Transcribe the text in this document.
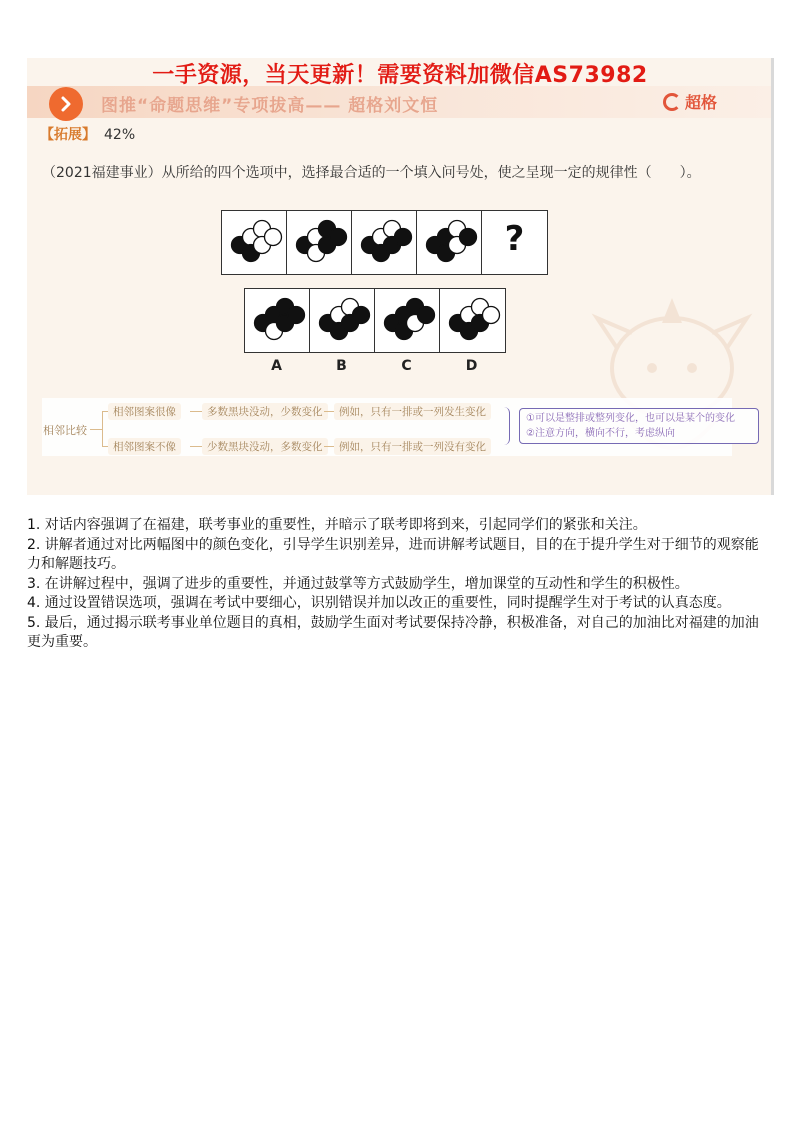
图推“命题思维”专项拔高—— 超格刘文恒	超格
【拓展】 42%
（2021福建事业）从所给的四个选项中，选择最合适的一个填入问号处，使之呈现一定的规律性（　　）。
?
A	B	C	D
相邻比较
相邻图案很像
相邻图案不像
多数黑块没动，少数变化
少数黑块没动，多数变化
例如，只有一排或一列发生变化
例如，只有一排或一列没有变化
①可以是整排或整列变化，也可以是某个的变化
②注意方向，横向不行，考虑纵向
一手资源，当天更新！需要资料加微信AS73982

1. 对话内容强调了在福建，联考事业的重要性，并暗示了联考即将到来，引起同学们的紧张和关注。

2. 讲解者通过对比两幅图中的颜色变化，引导学生识别差异，进而讲解考试题目，目的在于提升学生对于细节的观察能力和解题技巧。

3. 在讲解过程中，强调了进步的重要性，并通过鼓掌等方式鼓励学生，增加课堂的互动性和学生的积极性。

4. 通过设置错误选项，强调在考试中要细心，识别错误并加以改正的重要性，同时提醒学生对于考试的认真态度。

5. 最后，通过揭示联考事业单位题目的真相，鼓励学生面对考试要保持冷静，积极准备，对自己的加油比对福建的加油更为重要。
